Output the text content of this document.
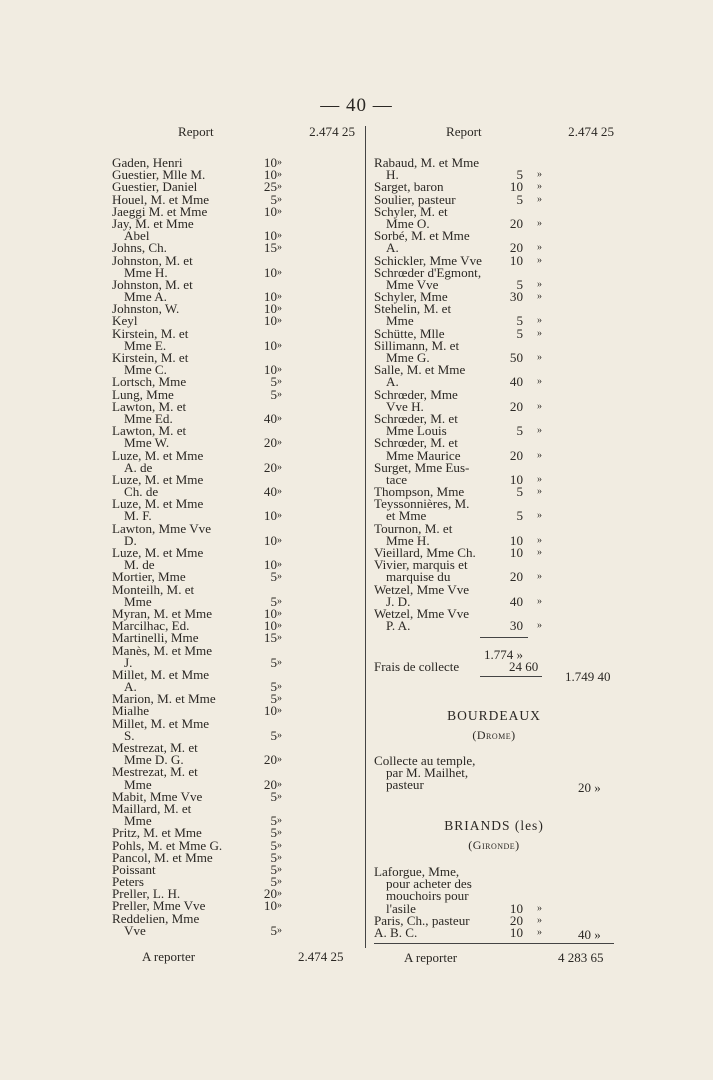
— 40 —
Report	2.474 25
Gaden, Henri	10 »
Guestier, Mlle M.	10 »
Guestier, Daniel	25 »
Houel, M. et Mme	5 »
Jaeggi M. et Mme	10 »
Jay, M. et Mme
Abel	10 »
Johns, Ch.	15 »
Johnston, M. et
Mme H.	10 »
Johnston, M. et
Mme A.	10 »
Johnston, W.	10 »
Keyl	10 »
Kirstein, M. et
Mme E.	10 »
Kirstein, M. et
Mme C.	10 »
Lortsch, Mme	5 »
Lung, Mme	5 »
Lawton, M. et
Mme Ed.	40 »
Lawton, M. et
Mme W.	20 »
Luze, M. et Mme
A. de	20 »
Luze, M. et Mme
Ch. de	40 »
Luze, M. et Mme
M. F.	10 »
Lawton, Mme Vve
D.	10 »
Luze, M. et Mme
M. de	10 »
Mortier, Mme	5 »
Monteilh, M. et
Mme	5 »
Myran, M. et Mme	10 »
Marcilhac, Ed.	10 »
Martinelli, Mme	15 »
Manès, M. et Mme
J.	5 »
Millet, M. et Mme
A.	5 »
Marion, M. et Mme	5 »
Mialhe	10 »
Millet, M. et Mme
S.	5 »
Mestrezat, M. et
Mme D. G.	20 »
Mestrezat, M. et
Mme	20 »
Mabit, Mme Vve	5 »
Maillard, M. et
Mme	5 »
Pritz, M. et Mme	5 »
Pohls, M. et Mme G.	5 »
Pancol, M. et Mme	5 »
Poissant	5 »
Peters	5 »
Preller, L. H.	20 »
Preller, Mme Vve	10 »
Reddelien, Mme
Vve	5 »
A reporter	2.474 25
Report	2.474 25
Rabaud, M. et Mme
H.	5 »
Sarget, baron	10 »
Soulier, pasteur	5 »
Schyler, M. et
Mme O.	20 »
Sorbé, M. et Mme
A.	20 »
Schickler, Mme Vve 10 »
Schrœder d'Egmont,
Mme Vve	5 »
Schyler, Mme	30 »
Stehelin, M. et
Mme	5 »
Schütte, Mlle	5 »
Sillimann, M. et
Mme G.	50 »
Salle, M. et Mme
A.	40 »
Schrœder, Mme
Vve H.	20 »
Schrœder, M. et
Mme Louis	5 »
Schrœder, M. et
Mme Maurice	20 »
Surget, Mme Eus-
tace	10 »
Thompson, Mme	5 »
Teyssonnières, M.
et Mme	5 »
Tournon, M. et
Mme H.	10 »
Vieillard, Mme Ch.	10 »
Vivier, marquis et
marquise du	20 »
Wetzel, Mme Vve
J. D.	40 »
Wetzel, Mme Vve
P. A.	30 »
1.774 »
Frais de collecte	24 60
1.749 40
BOURDEAUX
(Drome)
Collecte au temple,
par M. Mailhet,
pasteur	20 »
BRIANDS (les)
(Gironde)
Laforgue, Mme,
pour acheter des
mouchoirs pour
l'asile	10 »
Paris, Ch., pasteur	20 »
A. B. C.	10 »	40 »
A reporter	4 283 65
